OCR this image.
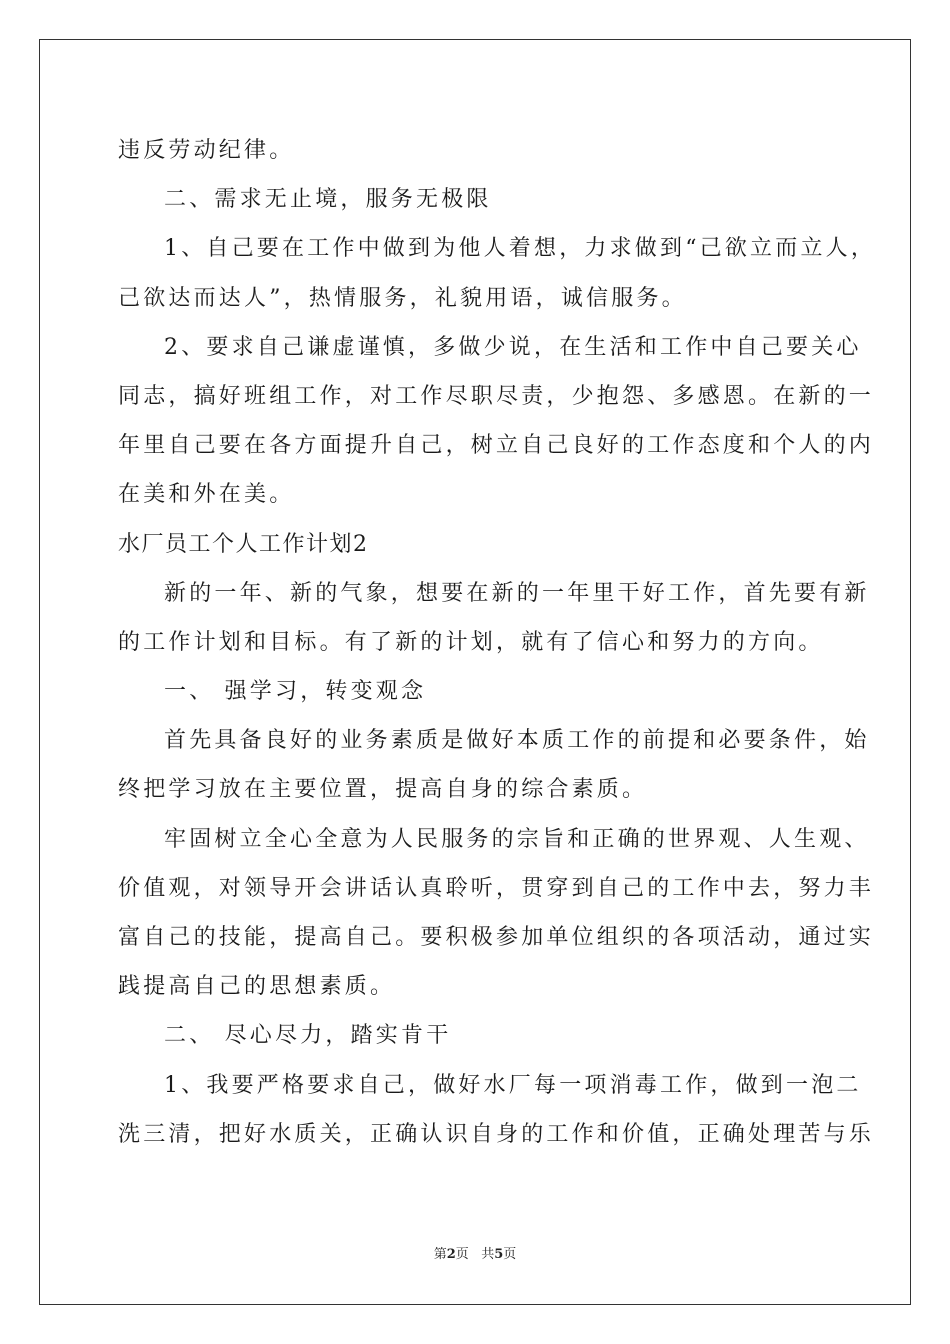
违反劳动纪律。
二、需求无止境，服务无极限
1、自己要在工作中做到为他人着想，力求做到“己欲立而立人，
己欲达而达人”，热情服务，礼貌用语，诚信服务。
2、要求自己谦虚谨慎，多做少说，在生活和工作中自己要关心
同志，搞好班组工作，对工作尽职尽责，少抱怨、多感恩。在新的一
年里自己要在各方面提升自己，树立自己良好的工作态度和个人的内
在美和外在美。
水厂员工个人工作计划2
新的一年、新的气象，想要在新的一年里干好工作，首先要有新
的工作计划和目标。有了新的计划，就有了信心和努力的方向。
一、 强学习，转变观念
首先具备良好的业务素质是做好本质工作的前提和必要条件，始
终把学习放在主要位置，提高自身的综合素质。
牢固树立全心全意为人民服务的宗旨和正确的世界观、人生观、
价值观，对领导开会讲话认真聆听，贯穿到自己的工作中去，努力丰
富自己的技能，提高自己。要积极参加单位组织的各项活动，通过实
践提高自己的思想素质。
二、 尽心尽力，踏实肯干
1、我要严格要求自己，做好水厂每一项消毒工作，做到一泡二
洗三清，把好水质关，正确认识自身的工作和价值，正确处理苦与乐
第2页 共5页
